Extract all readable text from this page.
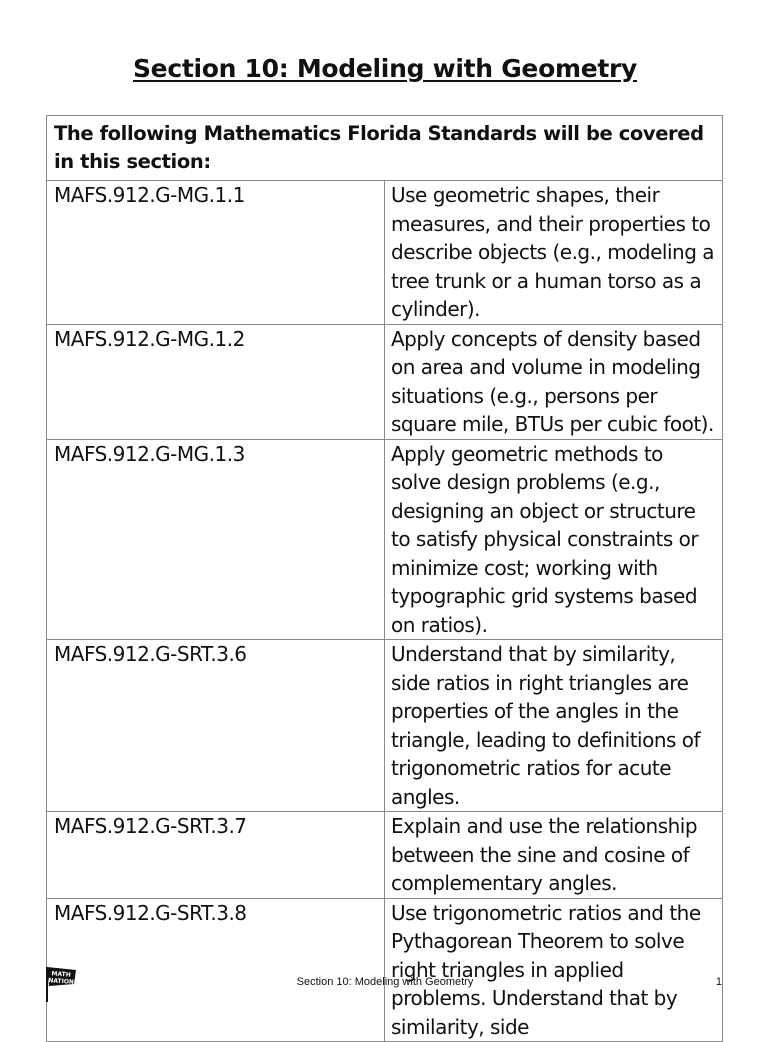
Section 10: Modeling with Geometry
The following Mathematics Florida Standards will be covered in this section:	
MAFS.912.G-MG.1.1	Use geometric shapes, their measures, and their properties to describe objects (e.g., modeling a tree trunk or a human torso as a cylinder).
MAFS.912.G-MG.1.2	Apply concepts of density based on area and volume in modeling situations (e.g., persons per square mile, BTUs per cubic foot).
MAFS.912.G-MG.1.3	Apply geometric methods to solve design problems (e.g., designing an object or structure to satisfy physical constraints or minimize cost; working with typographic grid systems based on ratios).
MAFS.912.G-SRT.3.6	Understand that by similarity, side ratios in right triangles are properties of the angles in the triangle, leading to definitions of trigonometric ratios for acute angles.
MAFS.912.G-SRT.3.7	Explain and use the relationship between the sine and cosine of complementary angles.
MAFS.912.G-SRT.3.8	Use trigonometric ratios and the Pythagorean Theorem to solve right triangles in applied problems. Understand that by similarity, side
MATH
NATION	Section 10: Modeling with Geometry	1
